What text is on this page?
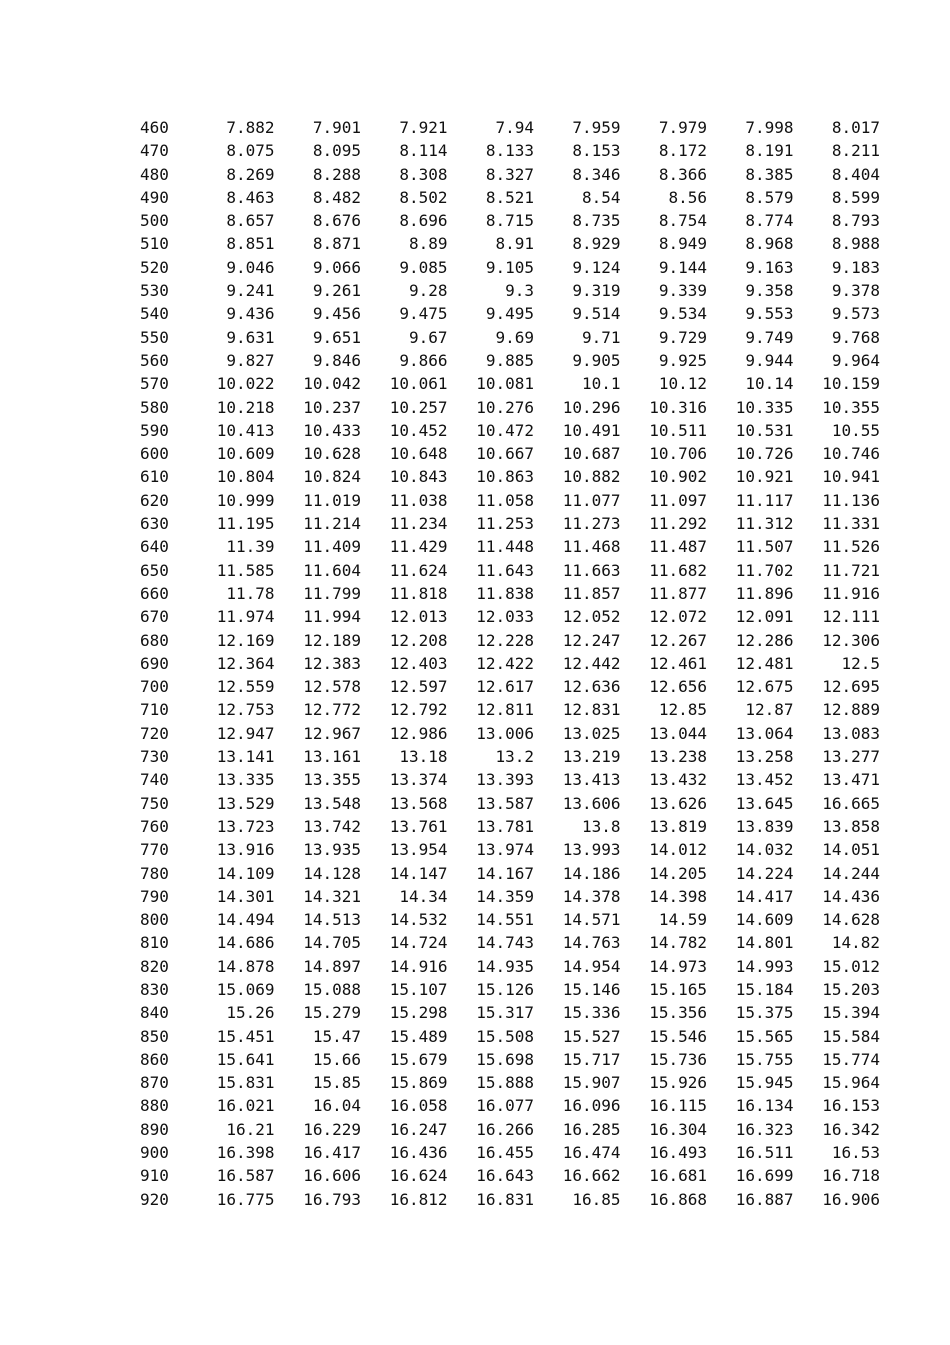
460	7.882	7.901	7.921	7.94	7.959	7.979	7.998	8.017
470	8.075	8.095	8.114	8.133	8.153	8.172	8.191	8.211
480	8.269	8.288	8.308	8.327	8.346	8.366	8.385	8.404
490	8.463	8.482	8.502	8.521	8.54	8.56	8.579	8.599
500	8.657	8.676	8.696	8.715	8.735	8.754	8.774	8.793
510	8.851	8.871	8.89	8.91	8.929	8.949	8.968	8.988
520	9.046	9.066	9.085	9.105	9.124	9.144	9.163	9.183
530	9.241	9.261	9.28	9.3	9.319	9.339	9.358	9.378
540	9.436	9.456	9.475	9.495	9.514	9.534	9.553	9.573
550	9.631	9.651	9.67	9.69	9.71	9.729	9.749	9.768
560	9.827	9.846	9.866	9.885	9.905	9.925	9.944	9.964
570	10.022	10.042	10.061	10.081	10.1	10.12	10.14	10.159
580	10.218	10.237	10.257	10.276	10.296	10.316	10.335	10.355
590	10.413	10.433	10.452	10.472	10.491	10.511	10.531	10.55
600	10.609	10.628	10.648	10.667	10.687	10.706	10.726	10.746
610	10.804	10.824	10.843	10.863	10.882	10.902	10.921	10.941
620	10.999	11.019	11.038	11.058	11.077	11.097	11.117	11.136
630	11.195	11.214	11.234	11.253	11.273	11.292	11.312	11.331
640	11.39	11.409	11.429	11.448	11.468	11.487	11.507	11.526
650	11.585	11.604	11.624	11.643	11.663	11.682	11.702	11.721
660	11.78	11.799	11.818	11.838	11.857	11.877	11.896	11.916
670	11.974	11.994	12.013	12.033	12.052	12.072	12.091	12.111
680	12.169	12.189	12.208	12.228	12.247	12.267	12.286	12.306
690	12.364	12.383	12.403	12.422	12.442	12.461	12.481	12.5
700	12.559	12.578	12.597	12.617	12.636	12.656	12.675	12.695
710	12.753	12.772	12.792	12.811	12.831	12.85	12.87	12.889
720	12.947	12.967	12.986	13.006	13.025	13.044	13.064	13.083
730	13.141	13.161	13.18	13.2	13.219	13.238	13.258	13.277
740	13.335	13.355	13.374	13.393	13.413	13.432	13.452	13.471
750	13.529	13.548	13.568	13.587	13.606	13.626	13.645	16.665
760	13.723	13.742	13.761	13.781	13.8	13.819	13.839	13.858
770	13.916	13.935	13.954	13.974	13.993	14.012	14.032	14.051
780	14.109	14.128	14.147	14.167	14.186	14.205	14.224	14.244
790	14.301	14.321	14.34	14.359	14.378	14.398	14.417	14.436
800	14.494	14.513	14.532	14.551	14.571	14.59	14.609	14.628
810	14.686	14.705	14.724	14.743	14.763	14.782	14.801	14.82
820	14.878	14.897	14.916	14.935	14.954	14.973	14.993	15.012
830	15.069	15.088	15.107	15.126	15.146	15.165	15.184	15.203
840	15.26	15.279	15.298	15.317	15.336	15.356	15.375	15.394
850	15.451	15.47	15.489	15.508	15.527	15.546	15.565	15.584
860	15.641	15.66	15.679	15.698	15.717	15.736	15.755	15.774
870	15.831	15.85	15.869	15.888	15.907	15.926	15.945	15.964
880	16.021	16.04	16.058	16.077	16.096	16.115	16.134	16.153
890	16.21	16.229	16.247	16.266	16.285	16.304	16.323	16.342
900	16.398	16.417	16.436	16.455	16.474	16.493	16.511	16.53
910	16.587	16.606	16.624	16.643	16.662	16.681	16.699	16.718
920	16.775	16.793	16.812	16.831	16.85	16.868	16.887	16.906
